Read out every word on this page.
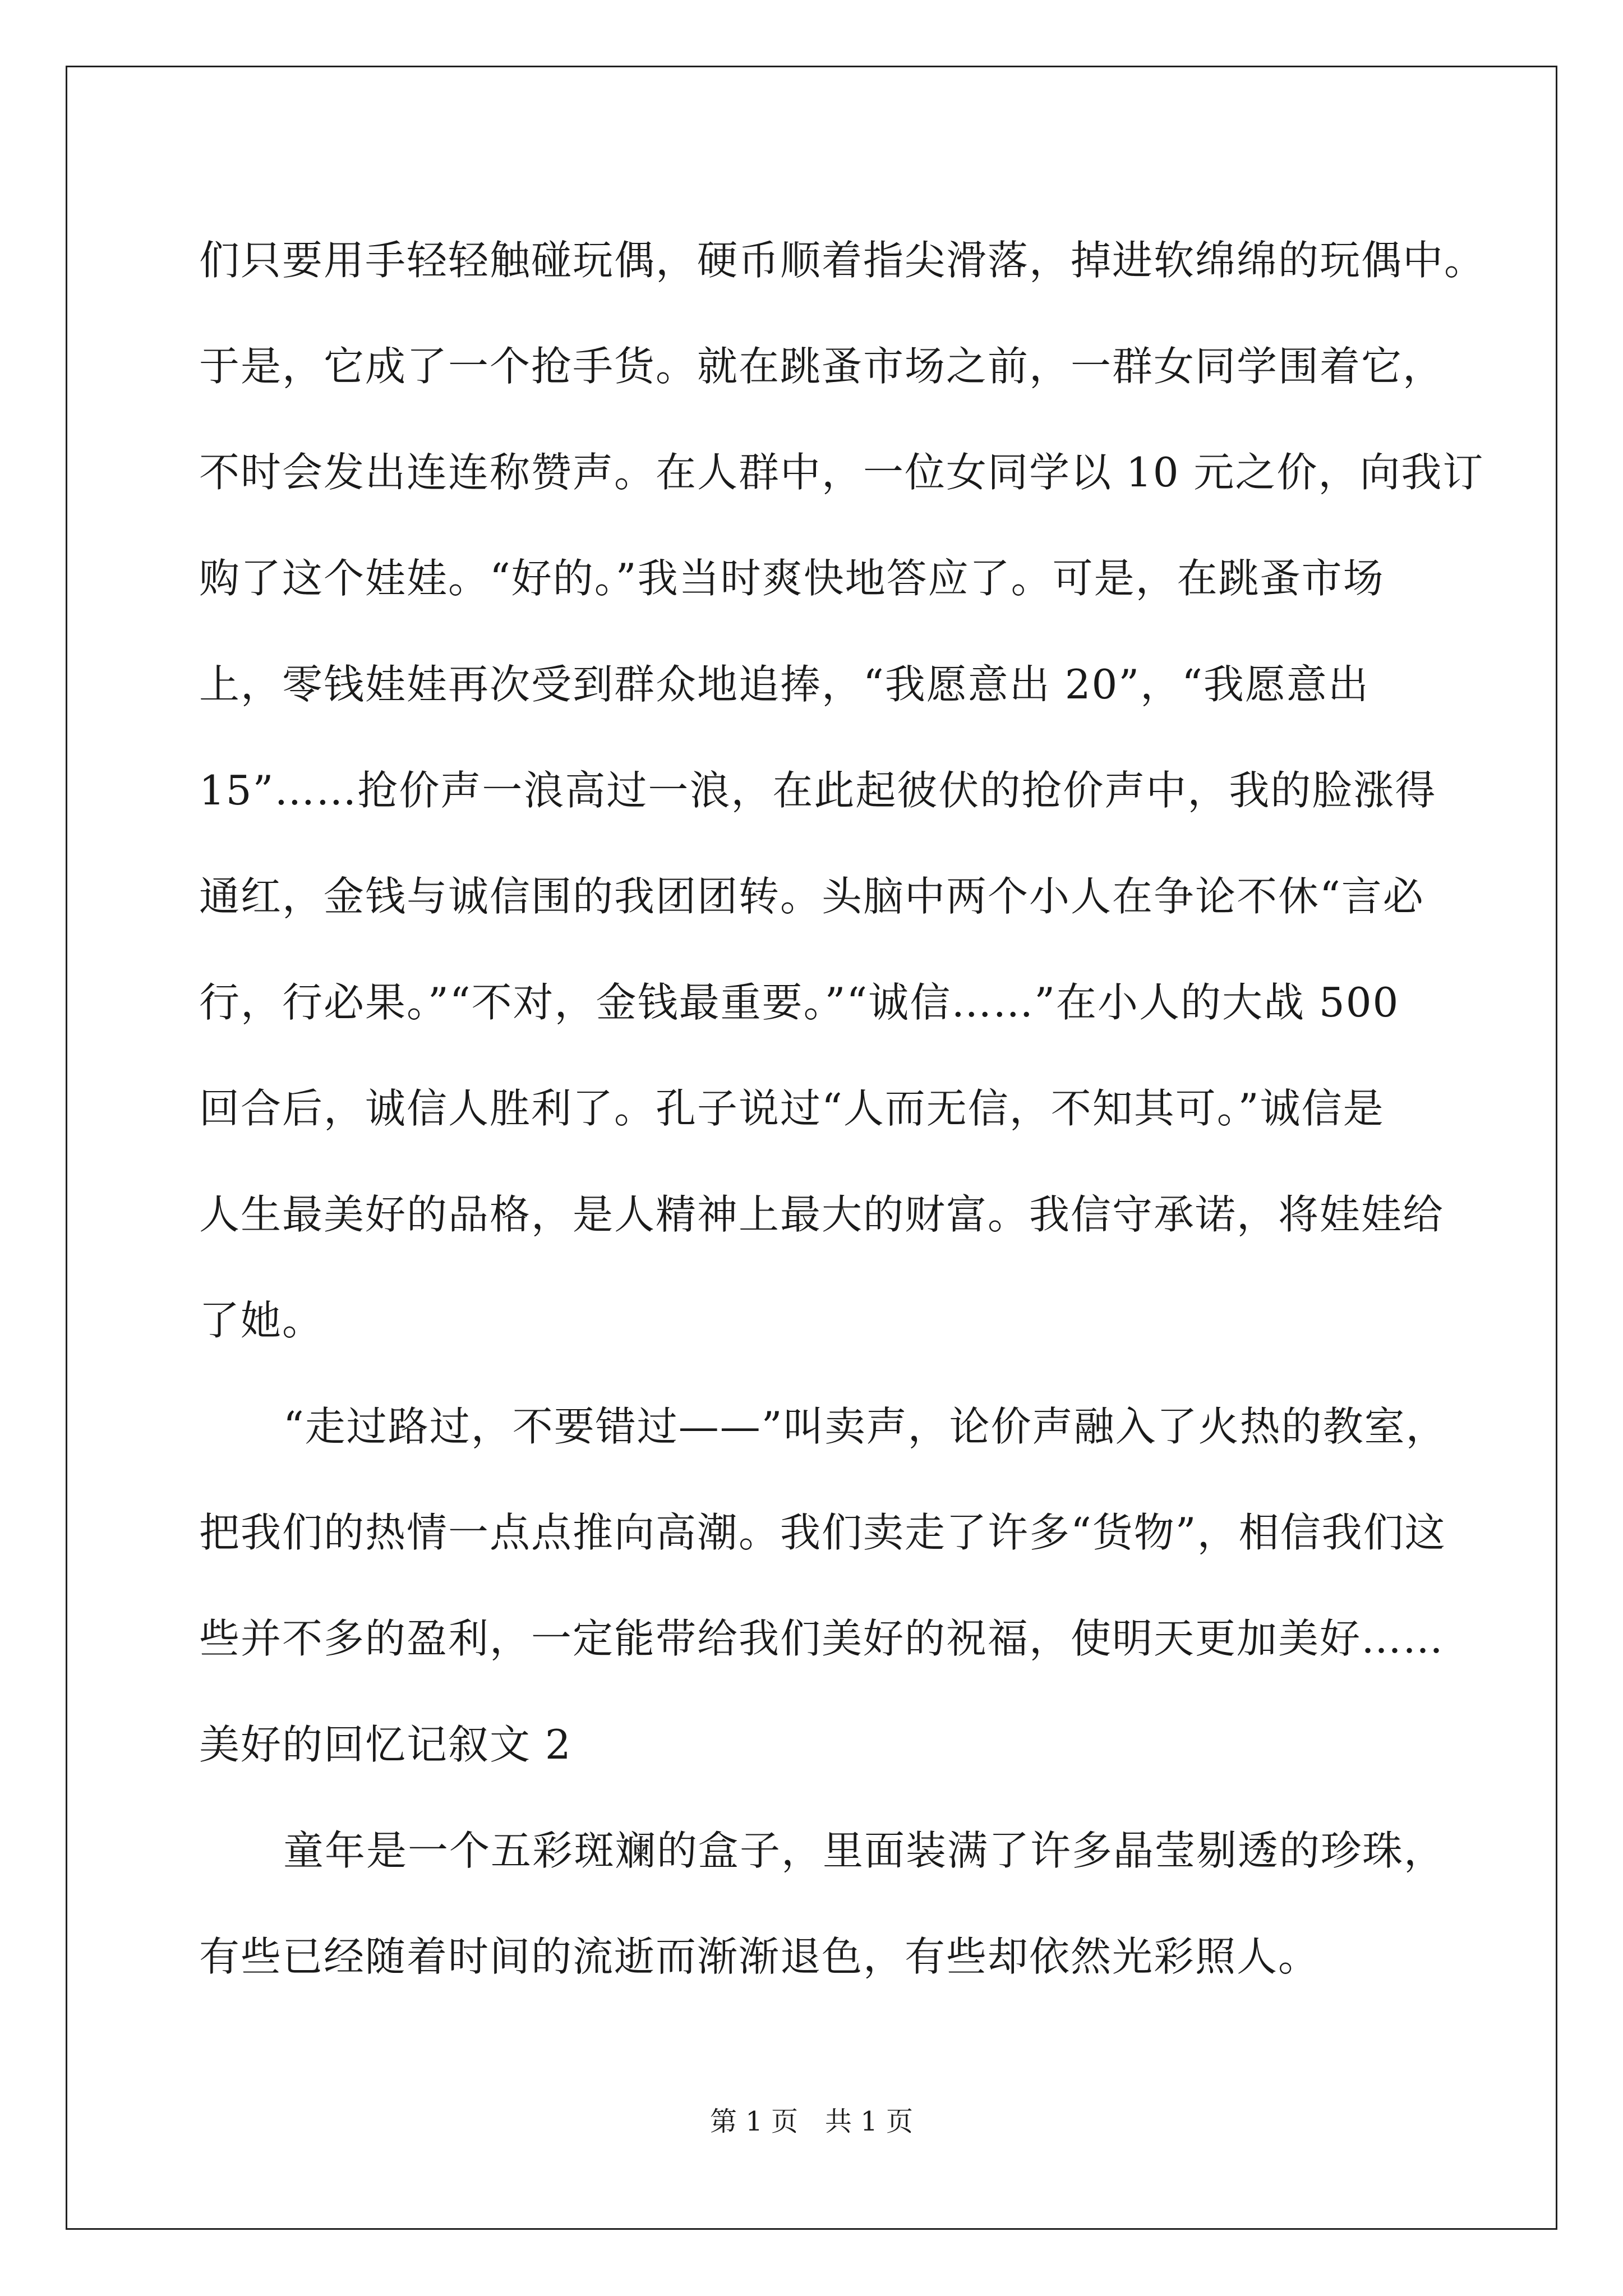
们只要用手轻轻触碰玩偶，硬币顺着指尖滑落，掉进软绵绵的玩偶中。
于是，它成了一个抢手货。就在跳蚤市场之前，一群女同学围着它，
不时会发出连连称赞声。在人群中，一位女同学以 10 元之价，向我订
购了这个娃娃。“好的。”我当时爽快地答应了。可是，在跳蚤市场
上，零钱娃娃再次受到群众地追捧，“我愿意出 20”，“我愿意出
15”……抢价声一浪高过一浪，在此起彼伏的抢价声中，我的脸涨得
通红，金钱与诚信围的我团团转。头脑中两个小人在争论不休“言必
行，行必果。”“不对，金钱最重要。”“诚信……”在小人的大战 500
回合后，诚信人胜利了。孔子说过“人而无信，不知其可。”诚信是
人生最美好的品格，是人精神上最大的财富。我信守承诺，将娃娃给
了她。
“走过路过，不要错过——”叫卖声，论价声融入了火热的教室，
把我们的热情一点点推向高潮。我们卖走了许多“货物”，相信我们这
些并不多的盈利，一定能带给我们美好的祝福，使明天更加美好……
美好的回忆记叙文 2
童年是一个五彩斑斓的盒子，里面装满了许多晶莹剔透的珍珠，
有些已经随着时间的流逝而渐渐退色，有些却依然光彩照人。
第 1 页　共 1 页
